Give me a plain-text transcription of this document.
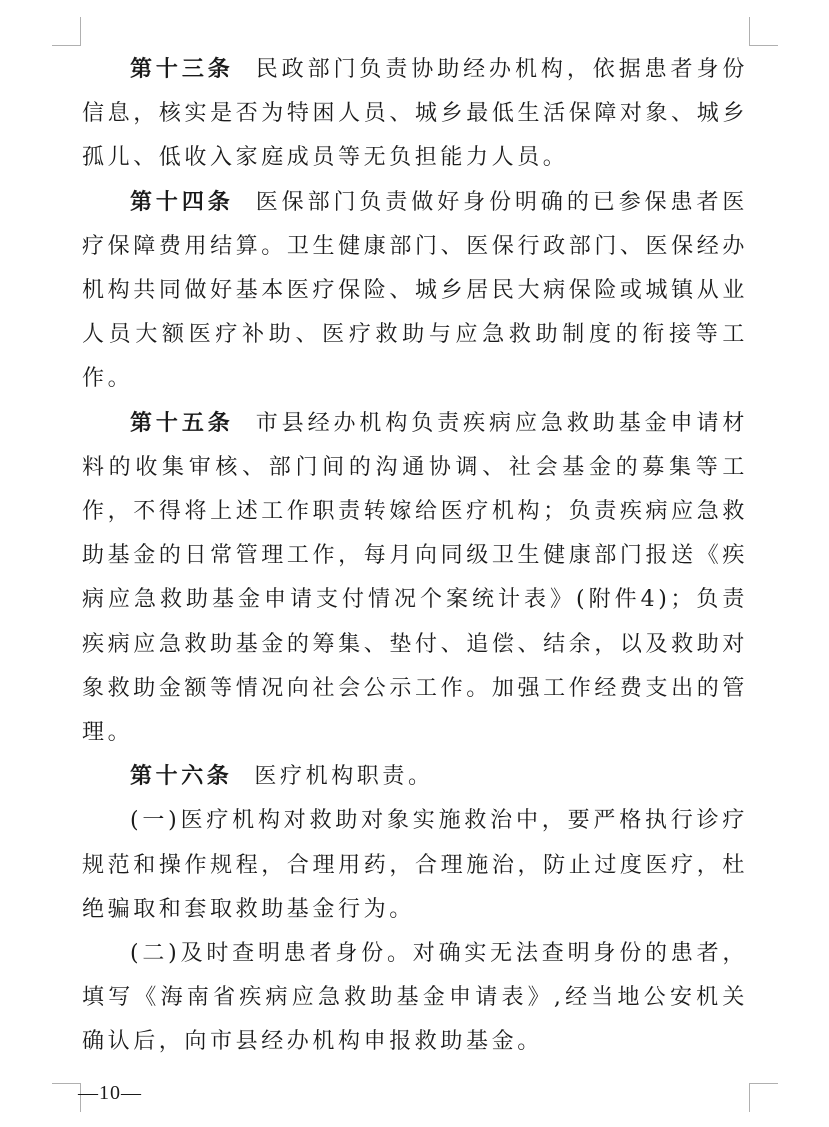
第十三条 民政部门负责协助经办机构，依据患者身份信息，核实是否为特困人员、城乡最低生活保障对象、城乡孤儿、低收入家庭成员等无负担能力人员。

第十四条 医保部门负责做好身份明确的已参保患者医疗保障费用结算。卫生健康部门、医保行政部门、医保经办机构共同做好基本医疗保险、城乡居民大病保险或城镇从业人员大额医疗补助、医疗救助与应急救助制度的衔接等工作。

第十五条 市县经办机构负责疾病应急救助基金申请材料的收集审核、部门间的沟通协调、社会基金的募集等工作，不得将上述工作职责转嫁给医疗机构；负责疾病应急救助基金的日常管理工作，每月向同级卫生健康部门报送《疾病应急救助基金申请支付情况个案统计表》(附件4)；负责疾病应急救助基金的筹集、垫付、追偿、结余，以及救助对象救助金额等情况向社会公示工作。加强工作经费支出的管理。

第十六条 医疗机构职责。

(一)医疗机构对救助对象实施救治中，要严格执行诊疗规范和操作规程，合理用药，合理施治，防止过度医疗，杜绝骗取和套取救助基金行为。

(二)及时查明患者身份。对确实无法查明身份的患者，填写《海南省疾病应急救助基金申请表》,经当地公安机关确认后，向市县经办机构申报救助基金。

—10—
